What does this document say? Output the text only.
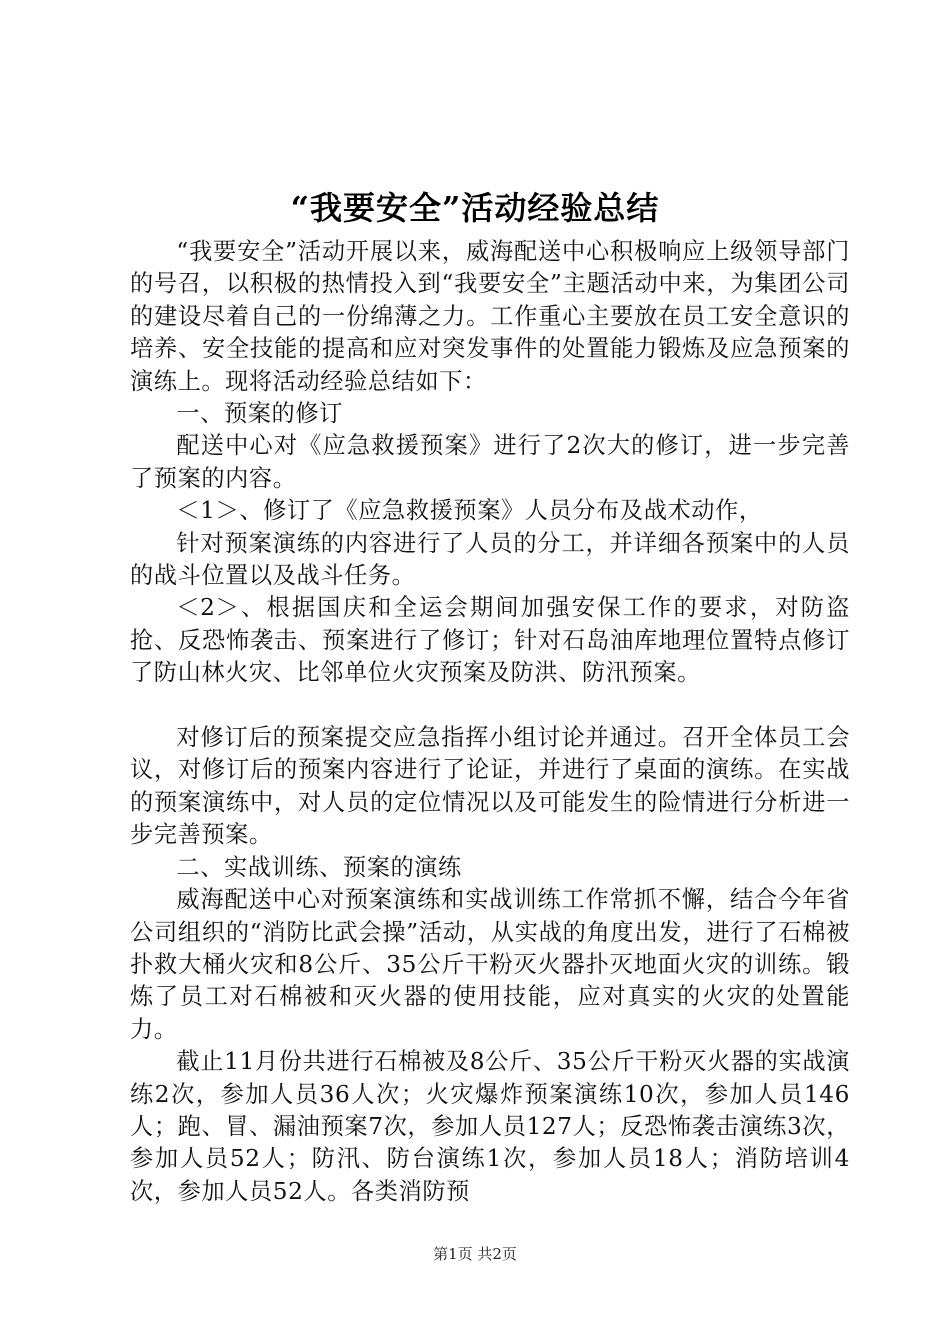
“我要安全”活动经验总结

“我要安全”活动开展以来，威海配送中心积极响应上级领导部门的号召，以积极的热情投入到“我要安全”主题活动中来，为集团公司的建设尽着自己的一份绵薄之力。工作重心主要放在员工安全意识的培养、安全技能的提高和应对突发事件的处置能力锻炼及应急预案的演练上。现将活动经验总结如下：

一、预案的修订

配送中心对《应急救援预案》进行了2次大的修订，进一步完善了预案的内容。

＜1＞、修订了《应急救援预案》人员分布及战术动作，

针对预案演练的内容进行了人员的分工，并详细各预案中的人员的战斗位置以及战斗任务。

＜2＞、根据国庆和全运会期间加强安保工作的要求，对防盗抢、反恐怖袭击、预案进行了修订；针对石岛油库地理位置特点修订了防山林火灾、比邻单位火灾预案及防洪、防汛预案。

对修订后的预案提交应急指挥小组讨论并通过。召开全体员工会议，对修订后的预案内容进行了论证，并进行了桌面的演练。在实战的预案演练中，对人员的定位情况以及可能发生的险情进行分析进一步完善预案。

二、实战训练、预案的演练

威海配送中心对预案演练和实战训练工作常抓不懈，结合今年省公司组织的“消防比武会操”活动，从实战的角度出发，进行了石棉被扑救大桶火灾和8公斤、35公斤干粉灭火器扑灭地面火灾的训练。锻炼了员工对石棉被和灭火器的使用技能，应对真实的火灾的处置能力。

截止11月份共进行石棉被及8公斤、35公斤干粉灭火器的实战演练2次，参加人员36人次；火灾爆炸预案演练10次，参加人员146人；跑、冒、漏油预案7次，参加人员127人；反恐怖袭击演练3次，参加人员52人；防汛、防台演练1次，参加人员18人；消防培训4次，参加人员52人。各类消防预

第1页 共2页
